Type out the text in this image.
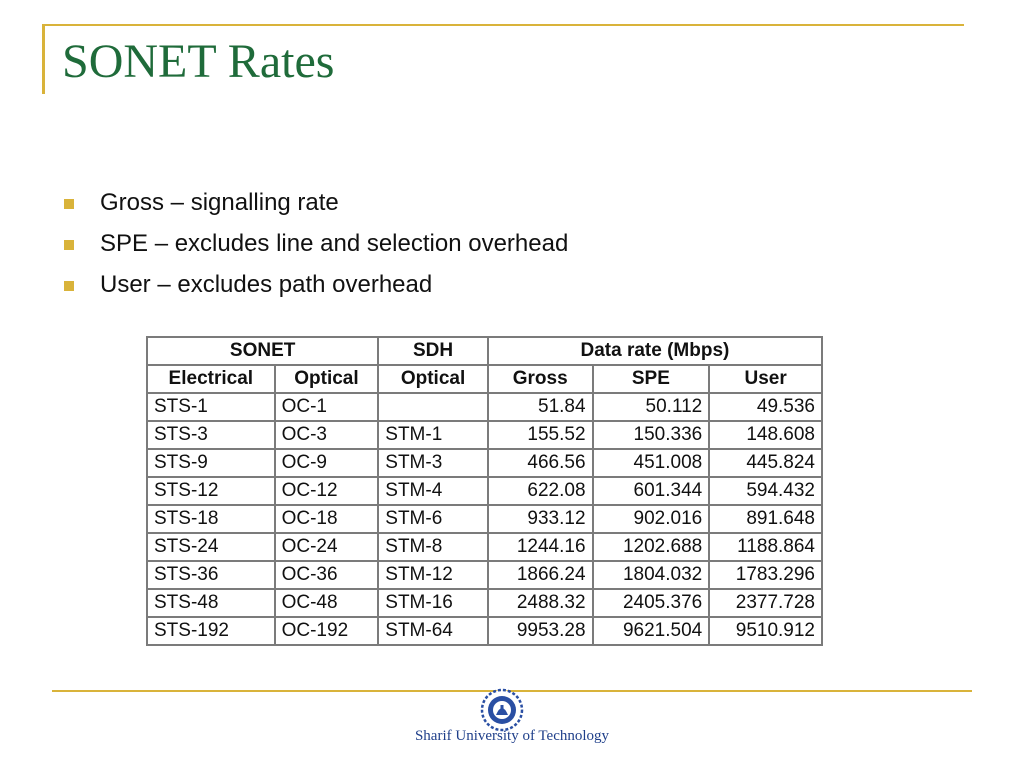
SONET Rates
Gross – signalling rate
SPE – excludes line and selection overhead
User – excludes path overhead
SONET		SDH	Data rate (Mbps)		
Electrical	Optical	Optical	Gross	SPE	User
STS-1	OC-1		51.84	50.112	49.536
STS-3	OC-3	STM-1	155.52	150.336	148.608
STS-9	OC-9	STM-3	466.56	451.008	445.824
STS-12	OC-12	STM-4	622.08	601.344	594.432
STS-18	OC-18	STM-6	933.12	902.016	891.648
STS-24	OC-24	STM-8	1244.16	1202.688	1188.864
STS-36	OC-36	STM-12	1866.24	1804.032	1783.296
STS-48	OC-48	STM-16	2488.32	2405.376	2377.728
STS-192	OC-192	STM-64	9953.28	9621.504	9510.912
Sharif University of Technology
